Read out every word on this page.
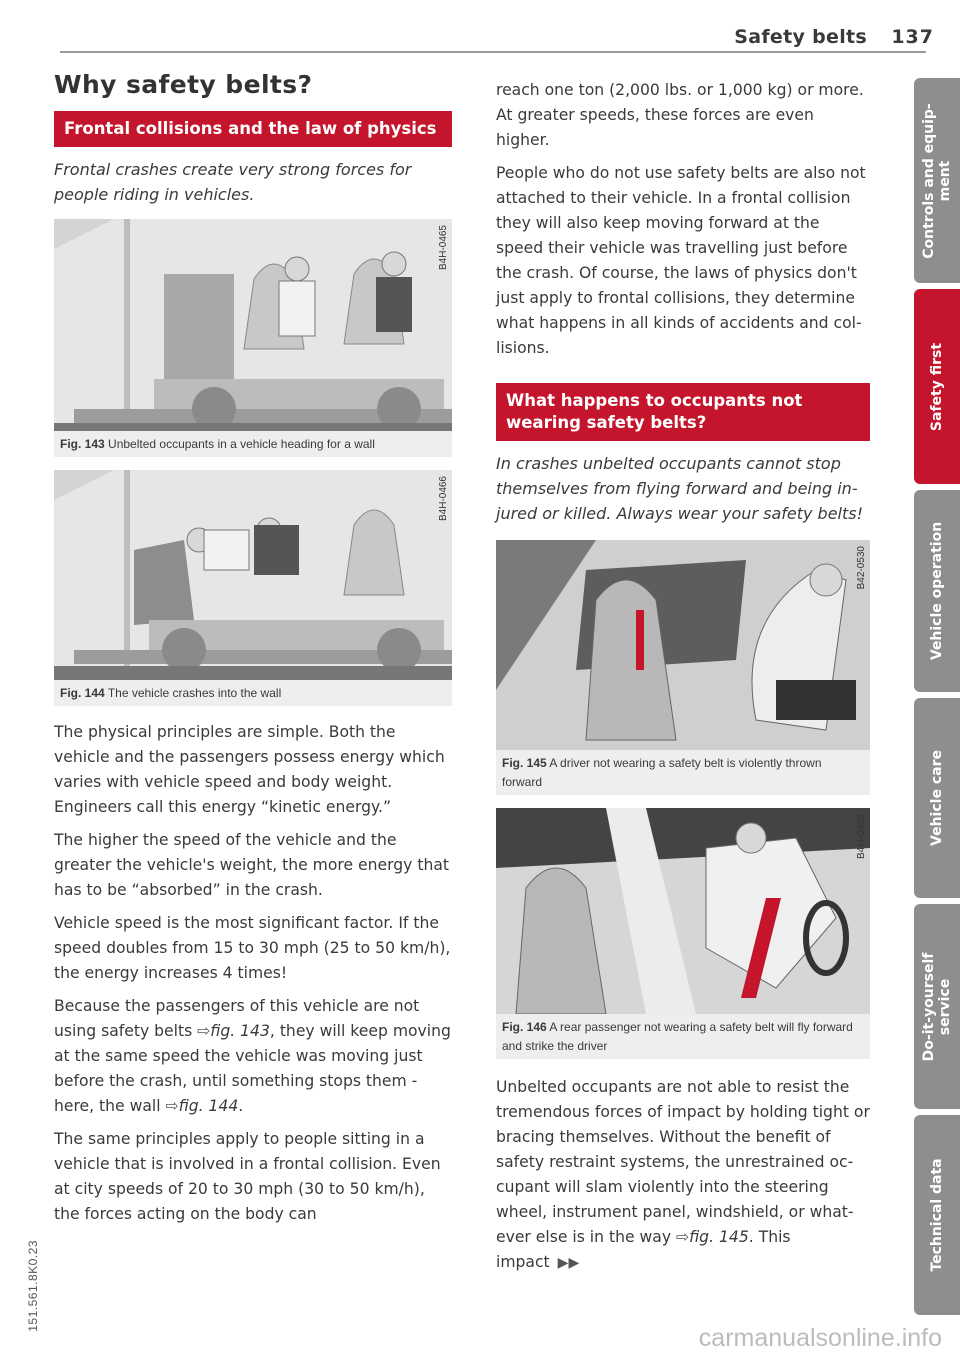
Safety belts 137
Why safety belts?
Frontal collisions and the law of physics
Frontal crashes create very strong forces for people riding in vehicles.
B4H-0465
Fig. 143 Unbelted occupants in a vehicle heading for a wall
B4H-0466
Fig. 144 The vehicle crashes into the wall

The physical principles are simple. Both the vehicle and the passengers possess energy which varies with vehicle speed and body weight. Engineers call this energy “kinetic energy.”

The higher the speed of the vehicle and the greater the vehicle's weight, the more energy that has to be “absorbed” in the crash.

Vehicle speed is the most significant factor. If the speed doubles from 15 to 30 mph (25 to 50 km/h), the energy increases 4 times!

Because the passengers of this vehicle are not using safety belts ⇨fig. 143, they will keep moving at the same speed the vehicle was moving just before the crash, until something stops them - here, the wall ⇨fig. 144.

The same principles apply to people sitting in a vehicle that is involved in a frontal collision. Even at city speeds of 20 to 30 mph (30 to 50 km/h), the forces acting on the body can

reach one ton (2,000 lbs. or 1,000 kg) or more. At greater speeds, these forces are even higher.

People who do not use safety belts are also not attached to their vehicle. In a frontal collision they will also keep moving forward at the speed their vehicle was travelling just before the crash. Of course, the laws of physics don't just apply to frontal collisions, they determine what happens in all kinds of accidents and collisions.

What happens to occupants not wearing safety belts?
In crashes unbelted occupants cannot stop themselves from flying forward and being injured or killed. Always wear your safety belts!
B42-0530
Fig. 145 A driver not wearing a safety belt is violently thrown forward
B4H-0468
Fig. 146 A rear passenger not wearing a safety belt will fly forward and strike the driver

Unbelted occupants are not able to resist the tremendous forces of impact by holding tight or bracing themselves. Without the benefit of safety restraint systems, the unrestrained occupant will slam violently into the steering wheel, instrument panel, windshield, or whatever else is in the way ⇨fig. 145. This impact ▶▶

Controls and equip- ment
Safety first
Vehicle operation
Vehicle care
Do-it-yourself service
Technical data
151.561.8K0.23
carmanualsonline.info
